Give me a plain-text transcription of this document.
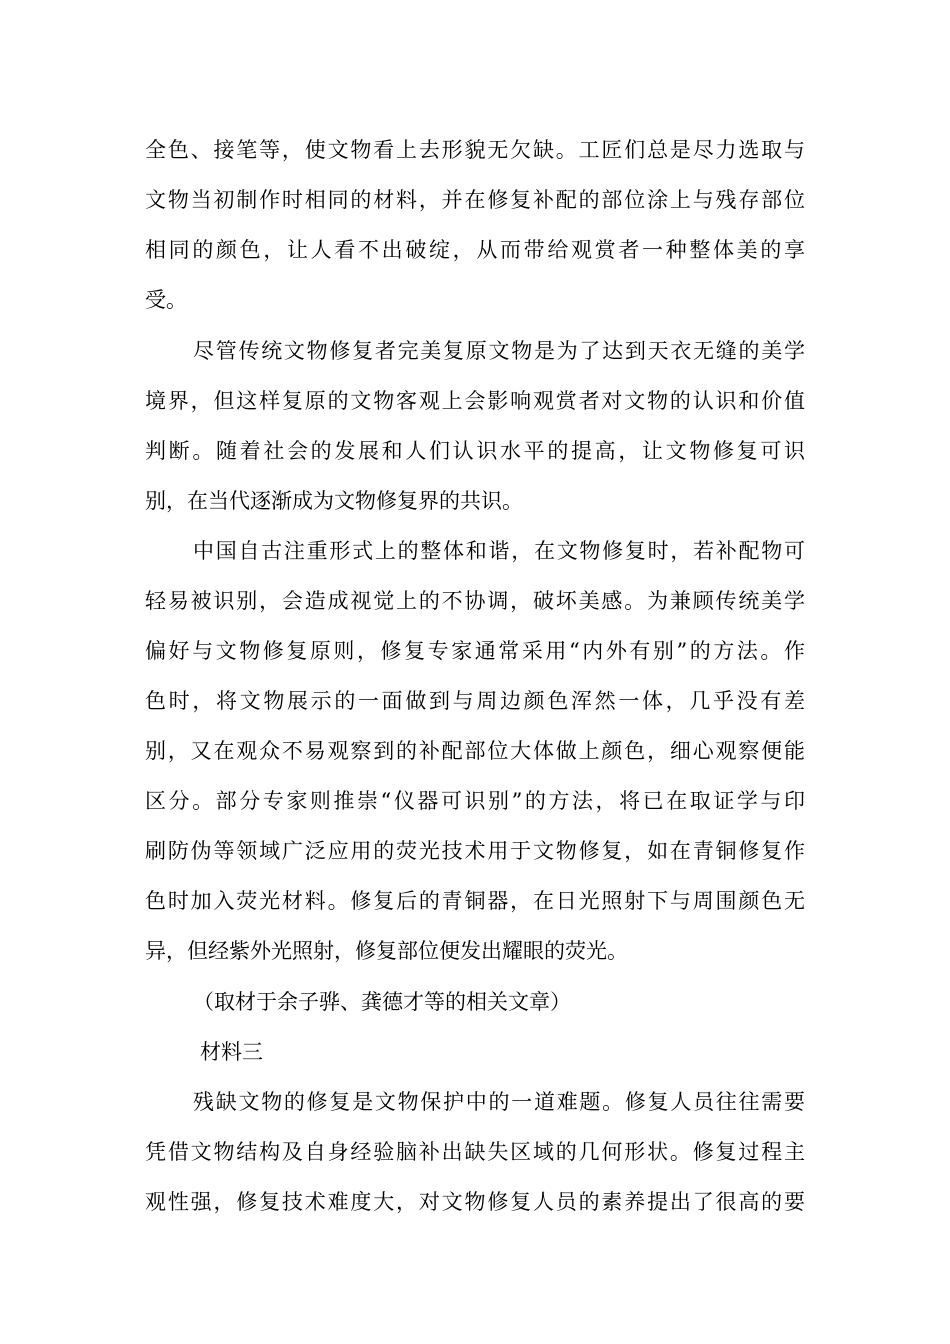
全色、接笔等，使文物看上去形貌无欠缺。工匠们总是尽力选取与
文物当初制作时相同的材料，并在修复补配的部位涂上与残存部位
相同的颜色，让人看不出破绽，从而带给观赏者一种整体美的享
受。
尽管传统文物修复者完美复原文物是为了达到天衣无缝的美学
境界，但这样复原的文物客观上会影响观赏者对文物的认识和价值
判断。随着社会的发展和人们认识水平的提高，让文物修复可识
别，在当代逐渐成为文物修复界的共识。
中国自古注重形式上的整体和谐，在文物修复时，若补配物可
轻易被识别，会造成视觉上的不协调，破坏美感。为兼顾传统美学
偏好与文物修复原则，修复专家通常采用“内外有别”的方法。作
色时，将文物展示的一面做到与周边颜色浑然一体，几乎没有差
别，又在观众不易观察到的补配部位大体做上颜色，细心观察便能
区分。部分专家则推崇“仪器可识别”的方法，将已在取证学与印
刷防伪等领域广泛应用的荧光技术用于文物修复，如在青铜修复作
色时加入荧光材料。修复后的青铜器，在日光照射下与周围颜色无
异，但经紫外光照射，修复部位便发出耀眼的荧光。
（取材于余子骅、龚德才等的相关文章）
材料三
残缺文物的修复是文物保护中的一道难题。修复人员往往需要
凭借文物结构及自身经验脑补出缺失区域的几何形状。修复过程主
观性强，修复技术难度大，对文物修复人员的素养提出了很高的要
